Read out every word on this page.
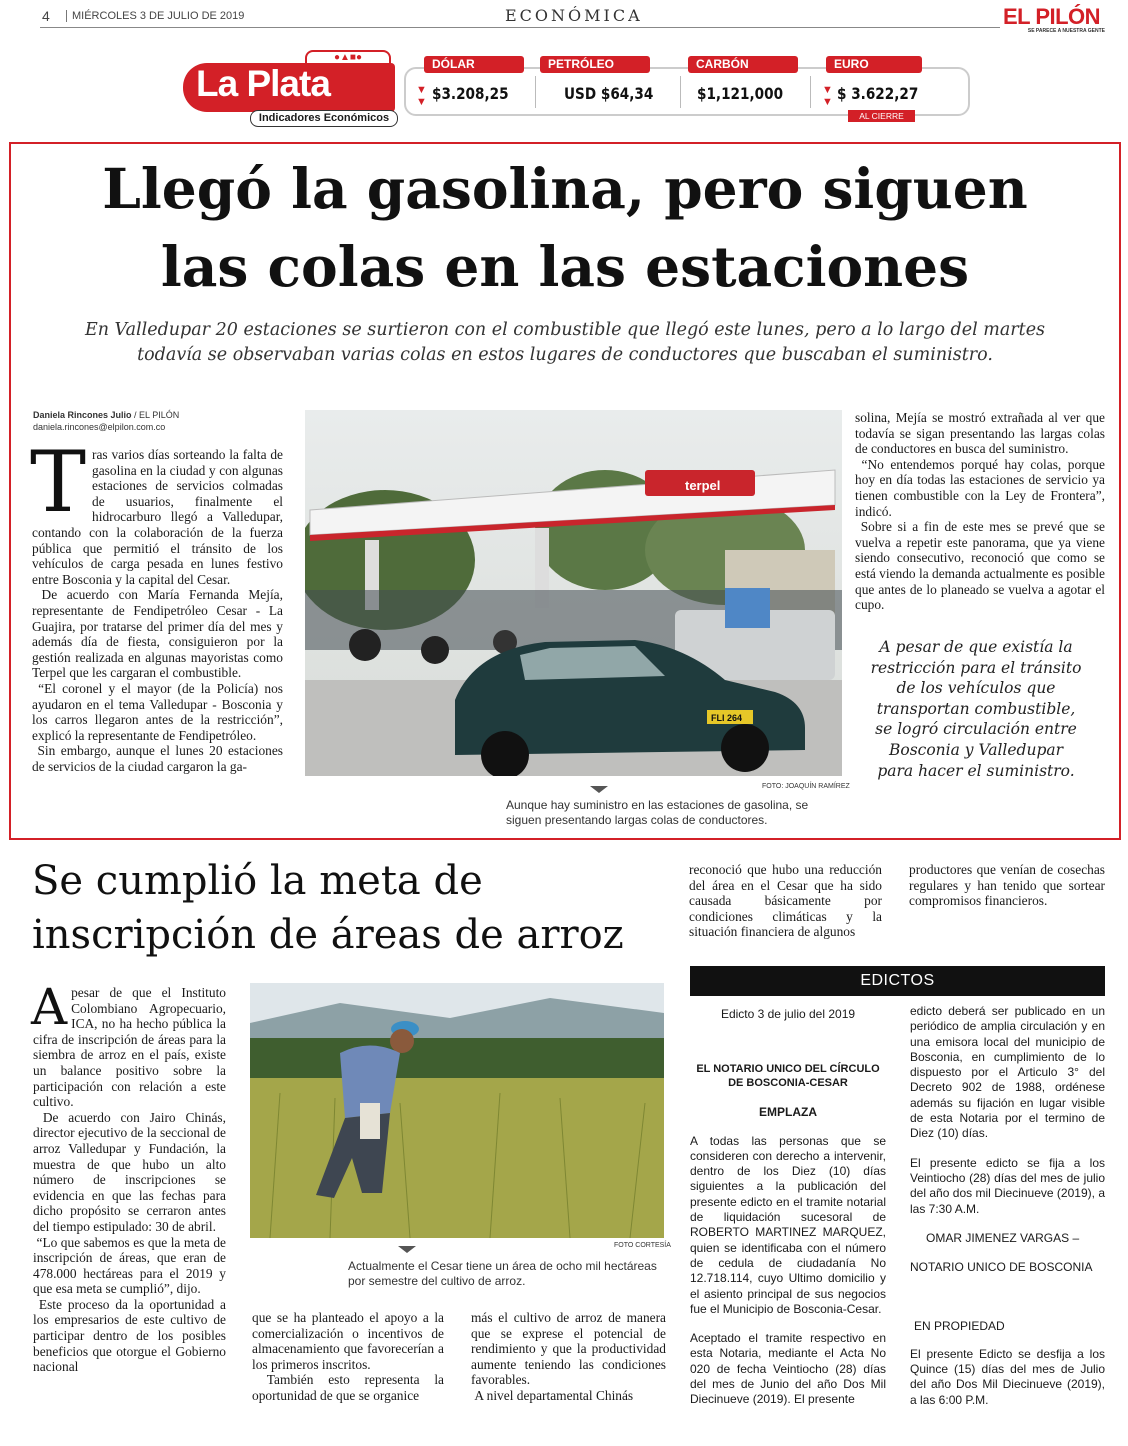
4	MIÉRCOLES 3 DE JULIO DE 2019	ECONÓMICA	EL PILÓN
SE PARECE A NUESTRA GENTE
●▲■●
La Plata
Indicadores Económicos
DÓLAR
▼
▼ $3.208,25
PETRÓLEO
USD $64,34
CARBÓN
$1,121,000
EURO
▼
▼ $ 3.622,27
AL CIERRE
Llegó la gasolina, pero siguen
las colas en las estaciones
En Valledupar 20 estaciones se surtieron con el combustible que llegó este lunes, pero a lo largo del martes todavía se observaban varias colas en estos lugares de conductores que buscaban el suministro.
Daniela Rincones Julio / EL PILÓN
daniela.rincones@elpilon.com.co

Tras varios días sorteando la falta de gasolina en la ciudad y con algunas estaciones de servicios colmadas de usuarios, finalmente el hidrocarburo llegó a Valledupar, contando con la colaboración de la fuerza pública que permitió el tránsito de los vehículos de carga pesada en lunes festivo entre Bosconia y la capital del Cesar.

De acuerdo con María Fernanda Mejía, representante de Fendipetróleo Cesar - La Guajira, por tratarse del primer día del mes y además día de fiesta, consiguieron por la gestión realizada en algunas mayoristas como Terpel que les cargaran el combustible.

“El coronel y el mayor (de la Policía) nos ayudaron en el tema Valledupar - Bosconia y los carros llegaron antes de la restricción”, explicó la representante de Fendipetróleo.

Sin embargo, aunque el lunes 20 estaciones de servicios de la ciudad cargaron la ga-

terpel
FLI 264
FOTO: JOAQUÍN RAMÍREZ
Aunque hay suministro en las estaciones de gasolina, se siguen presentando largas colas de conductores.

solina, Mejía se mostró extrañada al ver que todavía se sigan presentando las largas colas de conductores en busca del suministro.

“No entendemos porqué hay colas, porque hoy en día todas las estaciones de servicio ya tienen combustible con la Ley de Frontera”, indicó.

Sobre si a fin de este mes se prevé que se vuelva a repetir este panorama, que ya viene siendo consecutivo, reconoció que como se está viendo la demanda actualmente es posible que antes de lo planeado se vuelva a agotar el cupo.

A pesar de que existía la restricción para el tránsito de los vehículos que transportan combustible, se logró circulación entre Bosconia y Valledupar para hacer el suministro.
Se cumplió la meta de
inscripción de áreas de arroz
reconoció que hubo una reducción del área en el Cesar que ha sido causada básicamente por condiciones climáticas y la situación financiera de algunos
productores que venían de cosechas regulares y han tenido que sortear compromisos financieros.

Apesar de que el Instituto Colombiano Agropecuario, ICA, no ha hecho pública la cifra de inscripción de áreas para la siembra de arroz en el país, existe un balance positivo sobre la participación con relación a este cultivo.

De acuerdo con Jairo Chinás, director ejecutivo de la seccional de arroz Valledupar y Fundación, la muestra de que hubo un alto número de inscripciones se evidencia en que las fechas para dicho propósito se cerraron antes del tiempo estipulado: 30 de abril.

“Lo que sabemos es que la meta de inscripción de áreas, que eran de 478.000 hectáreas para el 2019 y que esa meta se cumplió”, dijo.

Este proceso da la oportunidad a los empresarios de este cultivo de participar dentro de los posibles beneficios que otorgue el Gobierno nacional

FOTO CORTESÍA
Actualmente el Cesar tiene un área de ocho mil hectáreas por semestre del cultivo de arroz.

que se ha planteado el apoyo a la comercialización o incentivos de almacenamiento que favorecerían a los primeros inscritos.

También esto representa la oportunidad de que se organice

más el cultivo de arroz de manera que se exprese el potencial de rendimiento y que la productividad aumente teniendo las condiciones favorables.

A nivel departamental Chinás

EDICTOS
Edicto 3 de julio del 2019
EL NOTARIO UNICO DEL CÍRCULO DE BOSCONIA-CESAR
EMPLAZA
A todas las personas que se consideren con derecho a intervenir, dentro de los Diez (10) días siguientes a la publicación del presente edicto en el tramite notarial de liquidación sucesoral de ROBERTO MARTINEZ MARQUEZ, quien se identificaba con el número de cedula de ciudadanía No 12.718.114, cuyo Ultimo domicilio y el asiento principal de sus negocios fue el Municipio de Bosconia-Cesar.
Aceptado el tramite respectivo en esta Notaria, mediante el Acta No 020 de fecha Veintiocho (28) días del mes de Junio del año Dos Mil Diecinueve (2019). El presente
edicto deberá ser publicado en un periódico de amplia circulación y en una emisora local del municipio de Bosconia, en cumplimiento de lo dispuesto por el Articulo 3° del Decreto 902 de 1988, ordénese además su fijación en lugar visible de esta Notaria por el termino de Diez (10) días.
El presente edicto se fija a los Veintiocho (28) días del mes de julio del año dos mil Diecinueve (2019), a las 7:30 A.M.
OMAR JIMENEZ VARGAS –
NOTARIO UNICO DE BOSCONIA
EN PROPIEDAD
El presente Edicto se desfija a los Quince (15) días del mes de Julio del año Dos Mil Diecinueve (2019), a las 6:00 P.M.
